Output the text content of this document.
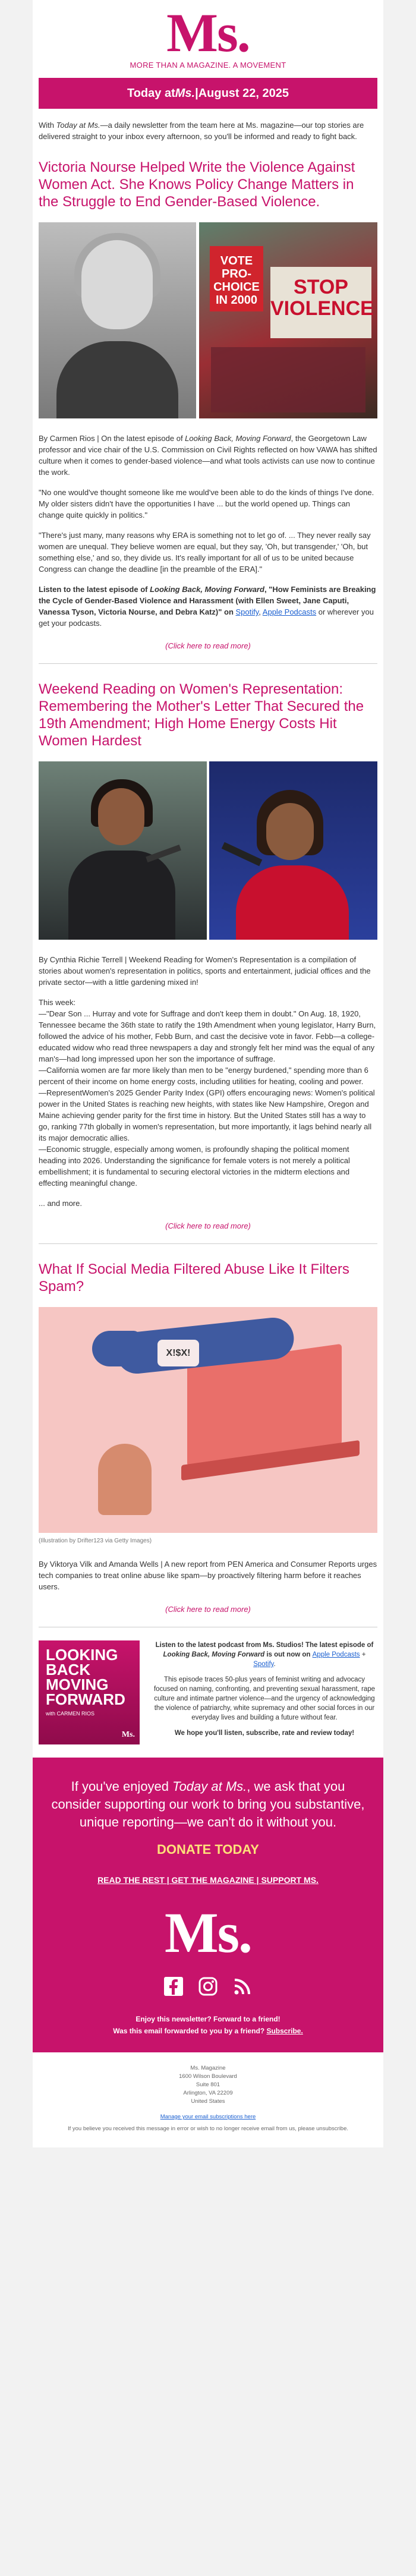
Ms.
MORE THAN A MAGAZINE. A MOVEMENT
Today at Ms. | August 22, 2025
With Today at Ms.—a daily newsletter from the team here at Ms. magazine—our top stories are delivered straight to your inbox every afternoon, so you'll be informed and ready to fight back.
Victoria Nourse Helped Write the Violence Against Women Act. She Knows Policy Change Matters in the Struggle to End Gender-Based Violence.
VOTE PRO-CHOICE IN 2000
STOP VIOLENCE

By Carmen Rios | On the latest episode of Looking Back, Moving Forward, the Georgetown Law professor and vice chair of the U.S. Commission on Civil Rights reflected on how VAWA has shifted culture when it comes to gender-based violence—and what tools activists can use now to continue the work.

"No one would've thought someone like me would've been able to do the kinds of things I've done. My older sisters didn't have the opportunities I have ... but the world opened up. Things can change quite quickly in politics."

"There's just many, many reasons why ERA is something not to let go of. ... They never really say women are unequal. They believe women are equal, but they say, 'Oh, but transgender,' 'Oh, but something else,' and so, they divide us. It's really important for all of us to be united because Congress can change the deadline [in the preamble of the ERA]."

Listen to the latest episode of Looking Back, Moving Forward, "How Feminists are Breaking the Cycle of Gender-Based Violence and Harassment (with Ellen Sweet, Jane Caputi, Vanessa Tyson, Victoria Nourse, and Debra Katz)" on Spotify, Apple Podcasts or wherever you get your podcasts.

(Click here to read more)
Weekend Reading on Women's Representation: Remembering the Mother's Letter That Secured the 19th Amendment; High Home Energy Costs Hit Women Hardest

By Cynthia Richie Terrell | Weekend Reading for Women's Representation is a compilation of stories about women's representation in politics, sports and entertainment, judicial offices and the private sector—with a little gardening mixed in!

This week:
—"Dear Son ... Hurray and vote for Suffrage and don't keep them in doubt." On Aug. 18, 1920, Tennessee became the 36th state to ratify the 19th Amendment when young legislator, Harry Burn, followed the advice of his mother, Febb Burn, and cast the decisive vote in favor. Febb—a college-educated widow who read three newspapers a day and strongly felt her mind was the equal of any man's—had long impressed upon her son the importance of suffrage.
—California women are far more likely than men to be "energy burdened," spending more than 6 percent of their income on home energy costs, including utilities for heating, cooling and power.
—RepresentWomen's 2025 Gender Parity Index (GPI) offers encouraging news: Women's political power in the United States is reaching new heights, with states like New Hampshire, Oregon and Maine achieving gender parity for the first time in history. But the United States still has a way to go, ranking 77th globally in women's representation, but more importantly, it lags behind nearly all its major democratic allies.
—Economic struggle, especially among women, is profoundly shaping the political moment heading into 2026. Understanding the significance for female voters is not merely a political embellishment; it is fundamental to securing electoral victories in the midterm elections and effecting meaningful change.

... and more.

(Click here to read more)
What If Social Media Filtered Abuse Like It Filters Spam?
X!$X!
(Illustration by Drifter123 via Getty Images)

By Viktorya Vilk and Amanda Wells | A new report from PEN America and Consumer Reports urges tech companies to treat online abuse like spam—by proactively filtering harm before it reaches users.

(Click here to read more)
LOOKING BACK MOVING FORWARD
with CARMEN RIOS
Ms.

Listen to the latest podcast from Ms. Studios! The latest episode of Looking Back, Moving Forward is out now on Apple Podcasts + Spotify.

This episode traces 50-plus years of feminist writing and advocacy focused on naming, confronting, and preventing sexual harassment, rape culture and intimate partner violence—and the urgency of acknowledging the violence of patriarchy, white supremacy and other social forces in our everyday lives and building a future without fear.

We hope you'll listen, subscribe, rate and review today!

If you've enjoyed Today at Ms., we ask that you consider supporting our work to bring you substantive, unique reporting—we can't do it without you.
DONATE TODAY
READ THE REST | GET THE MAGAZINE | SUPPORT MS.
Ms.
Enjoy this newsletter? Forward to a friend!
Was this email forwarded to you by a friend? Subscribe.
Ms. Magazine
1600 Wilson Boulevard
Suite 801
Arlington, VA 22209
United States
Manage your email subscriptions here
If you believe you received this message in error or wish to no longer receive email from us, please unsubscribe.
